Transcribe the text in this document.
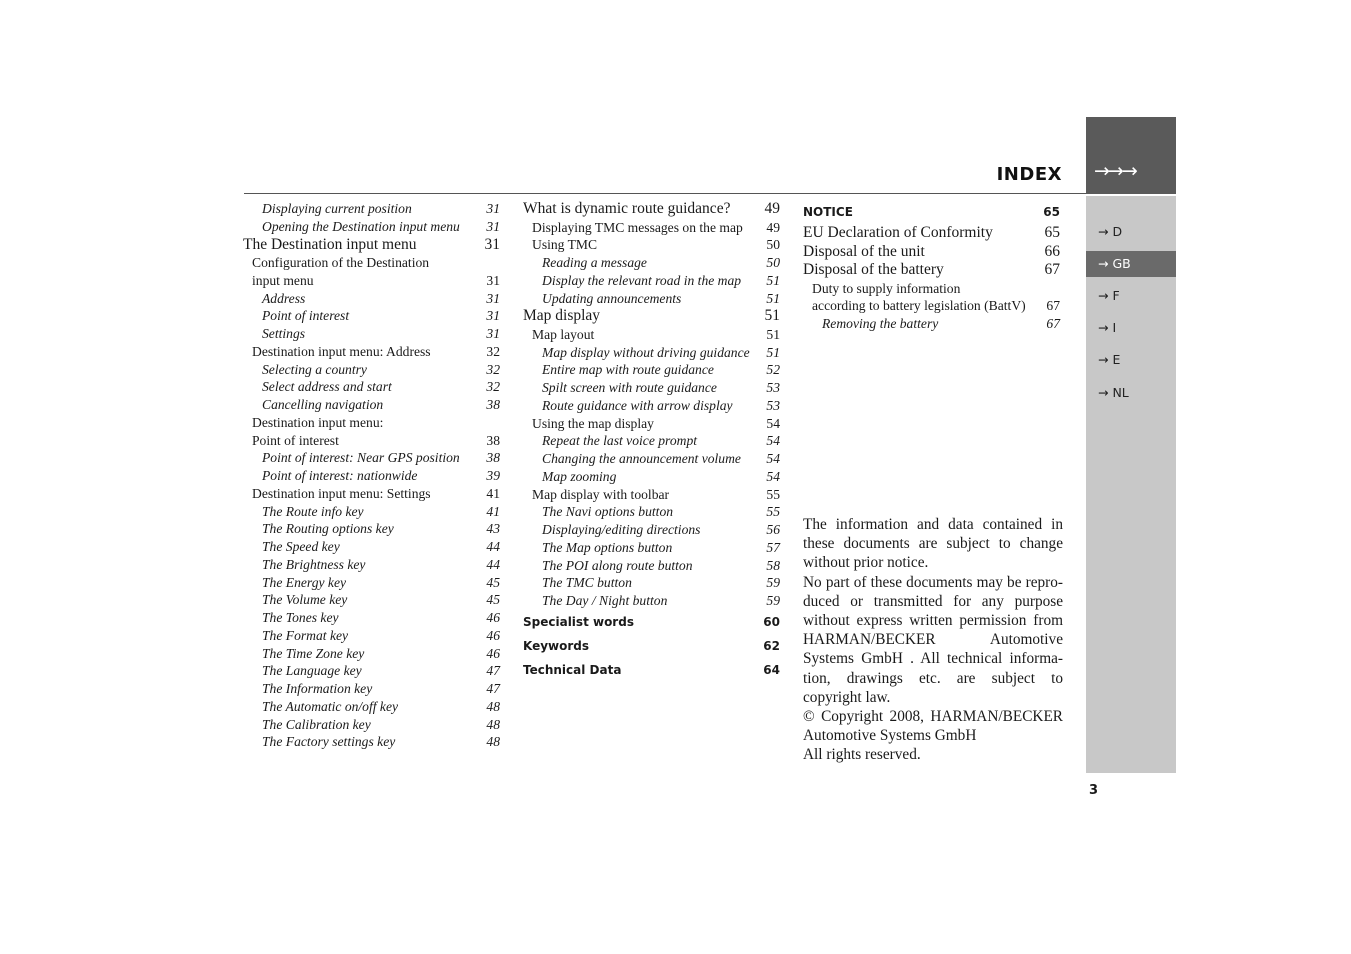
→→→
INDEX
→ D
→ GB
→ F
→ I
→ E
→ NL
Displaying current position	31
Opening the Destination input menu 31
The Destination input menu	31
Configuration of the Destination
input menu	31
Address	31
Point of interest	31
Settings	31
Destination input menu: Address	32
Selecting a country	32
Select address and start	32
Cancelling navigation	38
Destination input menu:
Point of interest	38
Point of interest: Near GPS position 38
Point of interest: nationwide	39
Destination input menu: Settings	41
The Route info key	41
The Routing options key	43
The Speed key	44
The Brightness key	44
The Energy key	45
The Volume key	45
The Tones key	46
The Format key	46
The Time Zone key	46
The Language key	47
The Information key	47
The Automatic on/off key	48
The Calibration key	48
The Factory settings key	48
What is dynamic route guidance? 49
Displaying TMC messages on the map 49
Using TMC	50
Reading a message	50
Display the relevant road in the map 51
Updating announcements	51
Map display	51
Map layout	51
Map display without driving guidance 51
Entire map with route guidance	52
Spilt screen with route guidance	53
Route guidance with arrow display 53
Using the map display	54
Repeat the last voice prompt	54
Changing the announcement volume 54
Map zooming	54
Map display with toolbar	55
The Navi options button	55
Displaying/editing directions	56
The Map options button	57
The POI along route button	58
The TMC button	59
The Day / Night button	59
Specialist words	60
Keywords	62
Technical Data	64
NOTICE	65
EU Declaration of Conformity	65
Disposal of the unit	66
Disposal of the battery	67
Duty to supply information
according to battery legislation (BattV) 67
Removing the battery	67

The information and data contained in these documents are subject to change without prior notice.

No part of these documents may be repro-duced or transmitted for any purpose without express written permission from HARMAN/BECKER Automotive Systems GmbH . All technical informa-tion, drawings etc. are subject to copyright law.

© Copyright 2008, HARMAN/BECKER Automotive Systems GmbH

All rights reserved.

3
